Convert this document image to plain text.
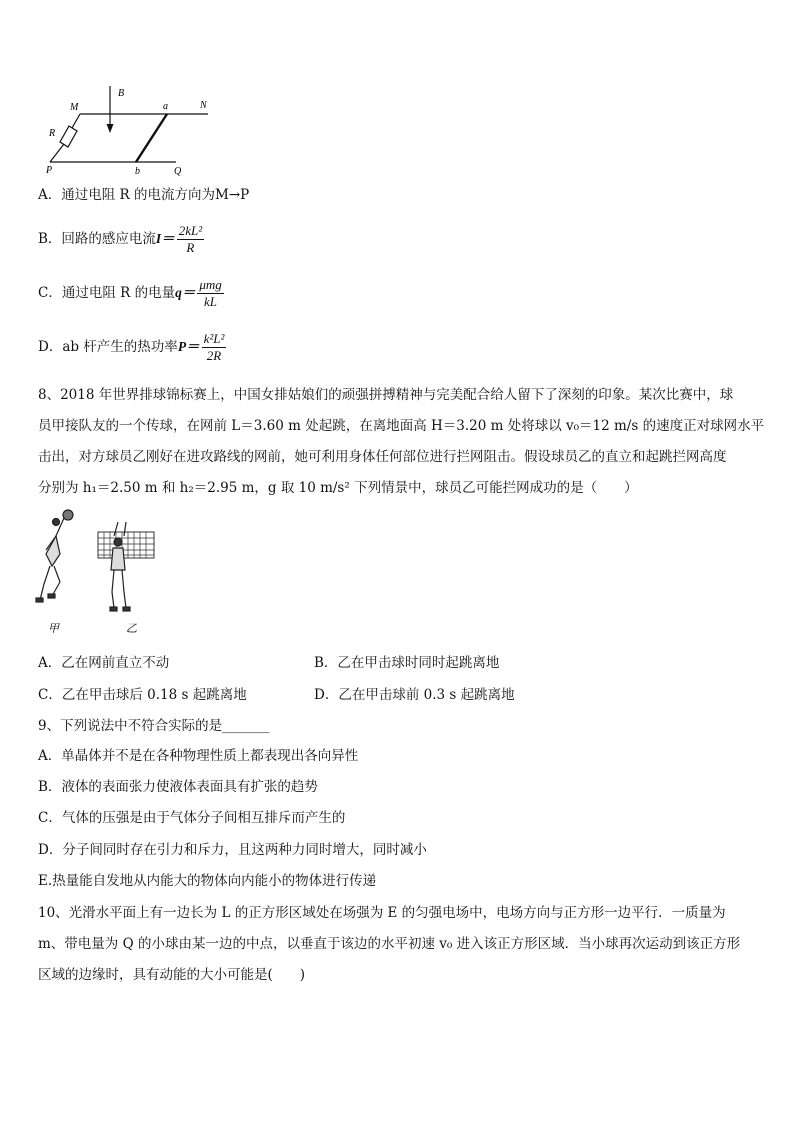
B
M	a	N
R
P	b	Q
A．通过电阻 R 的电流方向为M→P
B．回路的感应电流$I= \frac{\text{2kL²}}{R}$
C．通过电阻 R 的电量$q= \frac{\text{μmg}}{kL}$
D．ab 杆产生的热功率$P= \frac{\text{k²L²}}{2R}$
8、2018 年世界排球锦标赛上，中国女排姑娘们的顽强拼搏精神与完美配合给人留下了深刻的印象。某次比赛中，球
员甲接队友的一个传球，在网前 L＝3.60 m 处起跳，在离地面高 H＝3.20 m 处将球以 v₀＝12 m/s 的速度正对球网水平
击出，对方球员乙刚好在进攻路线的网前，她可利用身体任何部位进行拦网阻击。假设球员乙的直立和起跳拦网高度
分别为 h₁＝2.50 m 和 h₂＝2.95 m，g 取 10 m/s² 下列情景中，球员乙可能拦网成功的是（　　）
甲	乙
A．乙在网前直立不动	B．乙在甲击球时同时起跳离地
C．乙在甲击球后 0.18 s 起跳离地	D．乙在甲击球前 0.3 s 起跳离地
9、下列说法中不符合实际的是_______
A．单晶体并不是在各种物理性质上都表现出各向异性
B．液体的表面张力使液体表面具有扩张的趋势
C．气体的压强是由于气体分子间相互排斥而产生的
D．分子间同时存在引力和斥力，且这两种力同时增大，同时减小
E.热量能自发地从内能大的物体向内能小的物体进行传递
10、光滑水平面上有一边长为 L 的正方形区域处在场强为 E 的匀强电场中，电场方向与正方形一边平行．一质量为
m、带电量为 Q 的小球由某一边的中点，以垂直于该边的水平初速 v₀ 进入该正方形区域．当小球再次运动到该正方形
区域的边缘时，具有动能的大小可能是(　　)
